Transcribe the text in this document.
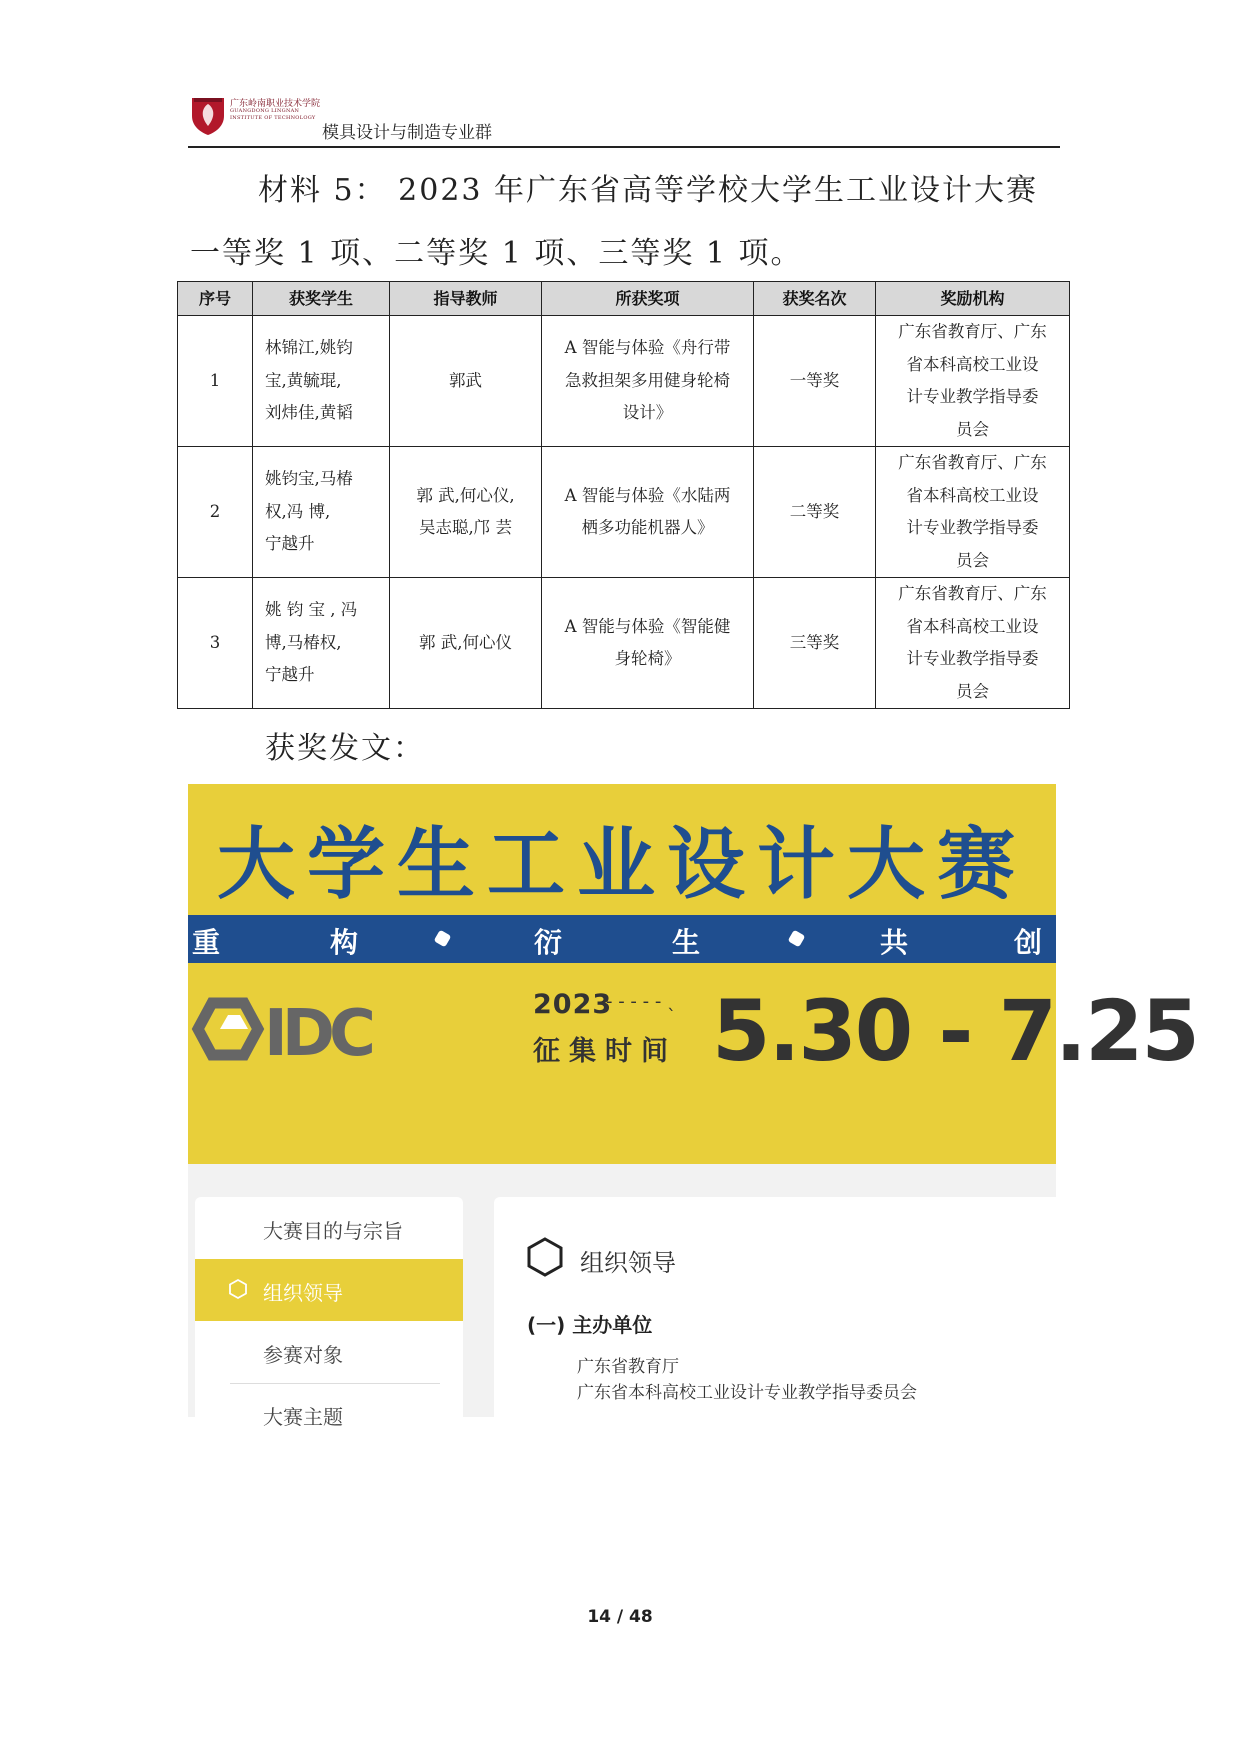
广东岭南职业技术学院
GUANGDONG LINGNAN INSTITUTE OF TECHNOLOGY
模具设计与制造专业群
材料 5： 2023 年广东省高等学校大学生工业设计大赛
一等奖 1 项、二等奖 1 项、三等奖 1 项。
序号	获奖学生	指导教师	所获奖项	获奖名次	奖励机构
1	林锦江,姚钧
宝,黄毓琨,
刘炜佳,黄韬	郭武	A 智能与体验《舟行带
急救担架多用健身轮椅
设计》	一等奖	广东省教育厅、广东
省本科高校工业设
计专业教学指导委
员会
2	姚钧宝,马椿
权,冯 博,
宁越升	郭 武,何心仪,
吴志聪,邝 芸	A 智能与体验《水陆两
栖多功能机器人》	二等奖	广东省教育厅、广东
省本科高校工业设
计专业教学指导委
员会
3	姚 钧 宝 , 冯
博,马椿权,
宁越升	郭 武,何心仪	A 智能与体验《智能健
身轮椅》	三等奖	广东省教育厅、广东
省本科高校工业设
计专业教学指导委
员会
获奖发文：
大学生工业设计大赛
重	构	衍	生	共	创
IDC	2023
- - - - - ˎ
征集时间 5.30 - 7.25
大赛目的与宗旨
组织领导
参赛对象
大赛主题
组织领导
(一) 主办单位
广东省教育厅
广东省本科高校工业设计专业教学指导委员会
14 / 48
